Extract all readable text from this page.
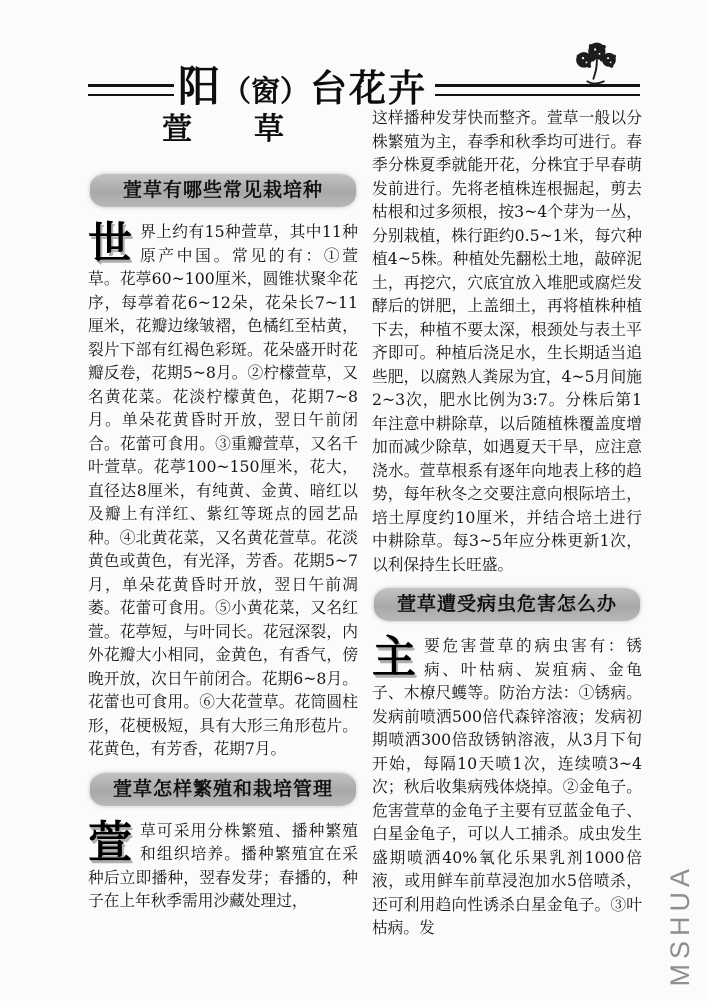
阳 （窗） 台花卉
萱草
萱草有哪些常见栽培种

世界上约有15种萱草，其中11种原产中国。常见的有：①萱草。花葶60~100厘米，圆锥状聚伞花序，每葶着花6~12朵，花朵长7~11厘米，花瓣边缘皱褶，色橘红至枯黄，裂片下部有红褐色彩斑。花朵盛开时花瓣反卷，花期5~8月。②柠檬萱草，又名黄花菜。花淡柠檬黄色，花期7~8月。单朵花黄昏时开放，翌日午前闭合。花蕾可食用。③重瓣萱草，又名千叶萱草。花葶100~150厘米，花大，直径达8厘米，有纯黄、金黄、暗红以及瓣上有洋红、紫红等斑点的园艺品种。④北黄花菜，又名黄花萱草。花淡黄色或黄色，有光泽，芳香。花期5~7月，单朵花黄昏时开放，翌日午前凋萎。花蕾可食用。⑤小黄花菜，又名红萱。花葶短，与叶同长。花冠深裂，内外花瓣大小相同，金黄色，有香气，傍晚开放，次日午前闭合。花期6~8月。花蕾也可食用。⑥大花萱草。花筒圆柱形，花梗极短，具有大形三角形苞片。花黄色，有芳香，花期7月。

萱草怎样繁殖和栽培管理

萱草可采用分株繁殖、播种繁殖和组织培养。播种繁殖宜在采种后立即播种，翌春发芽；春播的，种子在上年秋季需用沙藏处理过，

这样播种发芽快而整齐。萱草一般以分株繁殖为主，春季和秋季均可进行。春季分株夏季就能开花，分株宜于早春萌发前进行。先将老植株连根掘起，剪去枯根和过多须根，按3~4个芽为一丛，分别栽植，株行距约0.5~1米，每穴种植4~5株。种植处先翻松土地，敲碎泥土，再挖穴，穴底宜放入堆肥或腐烂发酵后的饼肥，上盖细土，再将植株种植下去，种植不要太深，根颈处与表土平齐即可。种植后浇足水，生长期适当追些肥，以腐熟人粪尿为宜，4~5月间施2~3次，肥水比例为3:7。分株后第1年注意中耕除草，以后随植株覆盖度增加而减少除草，如遇夏天干旱，应注意浇水。萱草根系有逐年向地表上移的趋势，每年秋冬之交要注意向根际培土，培土厚度约10厘米，并结合培土进行中耕除草。每3~5年应分株更新1次，以利保持生长旺盛。

萱草遭受病虫危害怎么办

主要危害萱草的病虫害有：锈病、叶枯病、炭疽病、金龟子、木橑尺蠖等。防治方法：①锈病。发病前喷洒500倍代森锌溶液；发病初期喷洒300倍敌锈钠溶液，从3月下旬开始，每隔10天喷1次，连续喷3~4次；秋后收集病残体烧掉。②金龟子。危害萱草的金龟子主要有豆蓝金龟子、白星金龟子，可以人工捕杀。成虫发生盛期喷洒40%氧化乐果乳剂1000倍液，或用鲜车前草浸泡加水5倍喷杀，还可利用趋向性诱杀白星金龟子。③叶枯病。发	MSHUA
